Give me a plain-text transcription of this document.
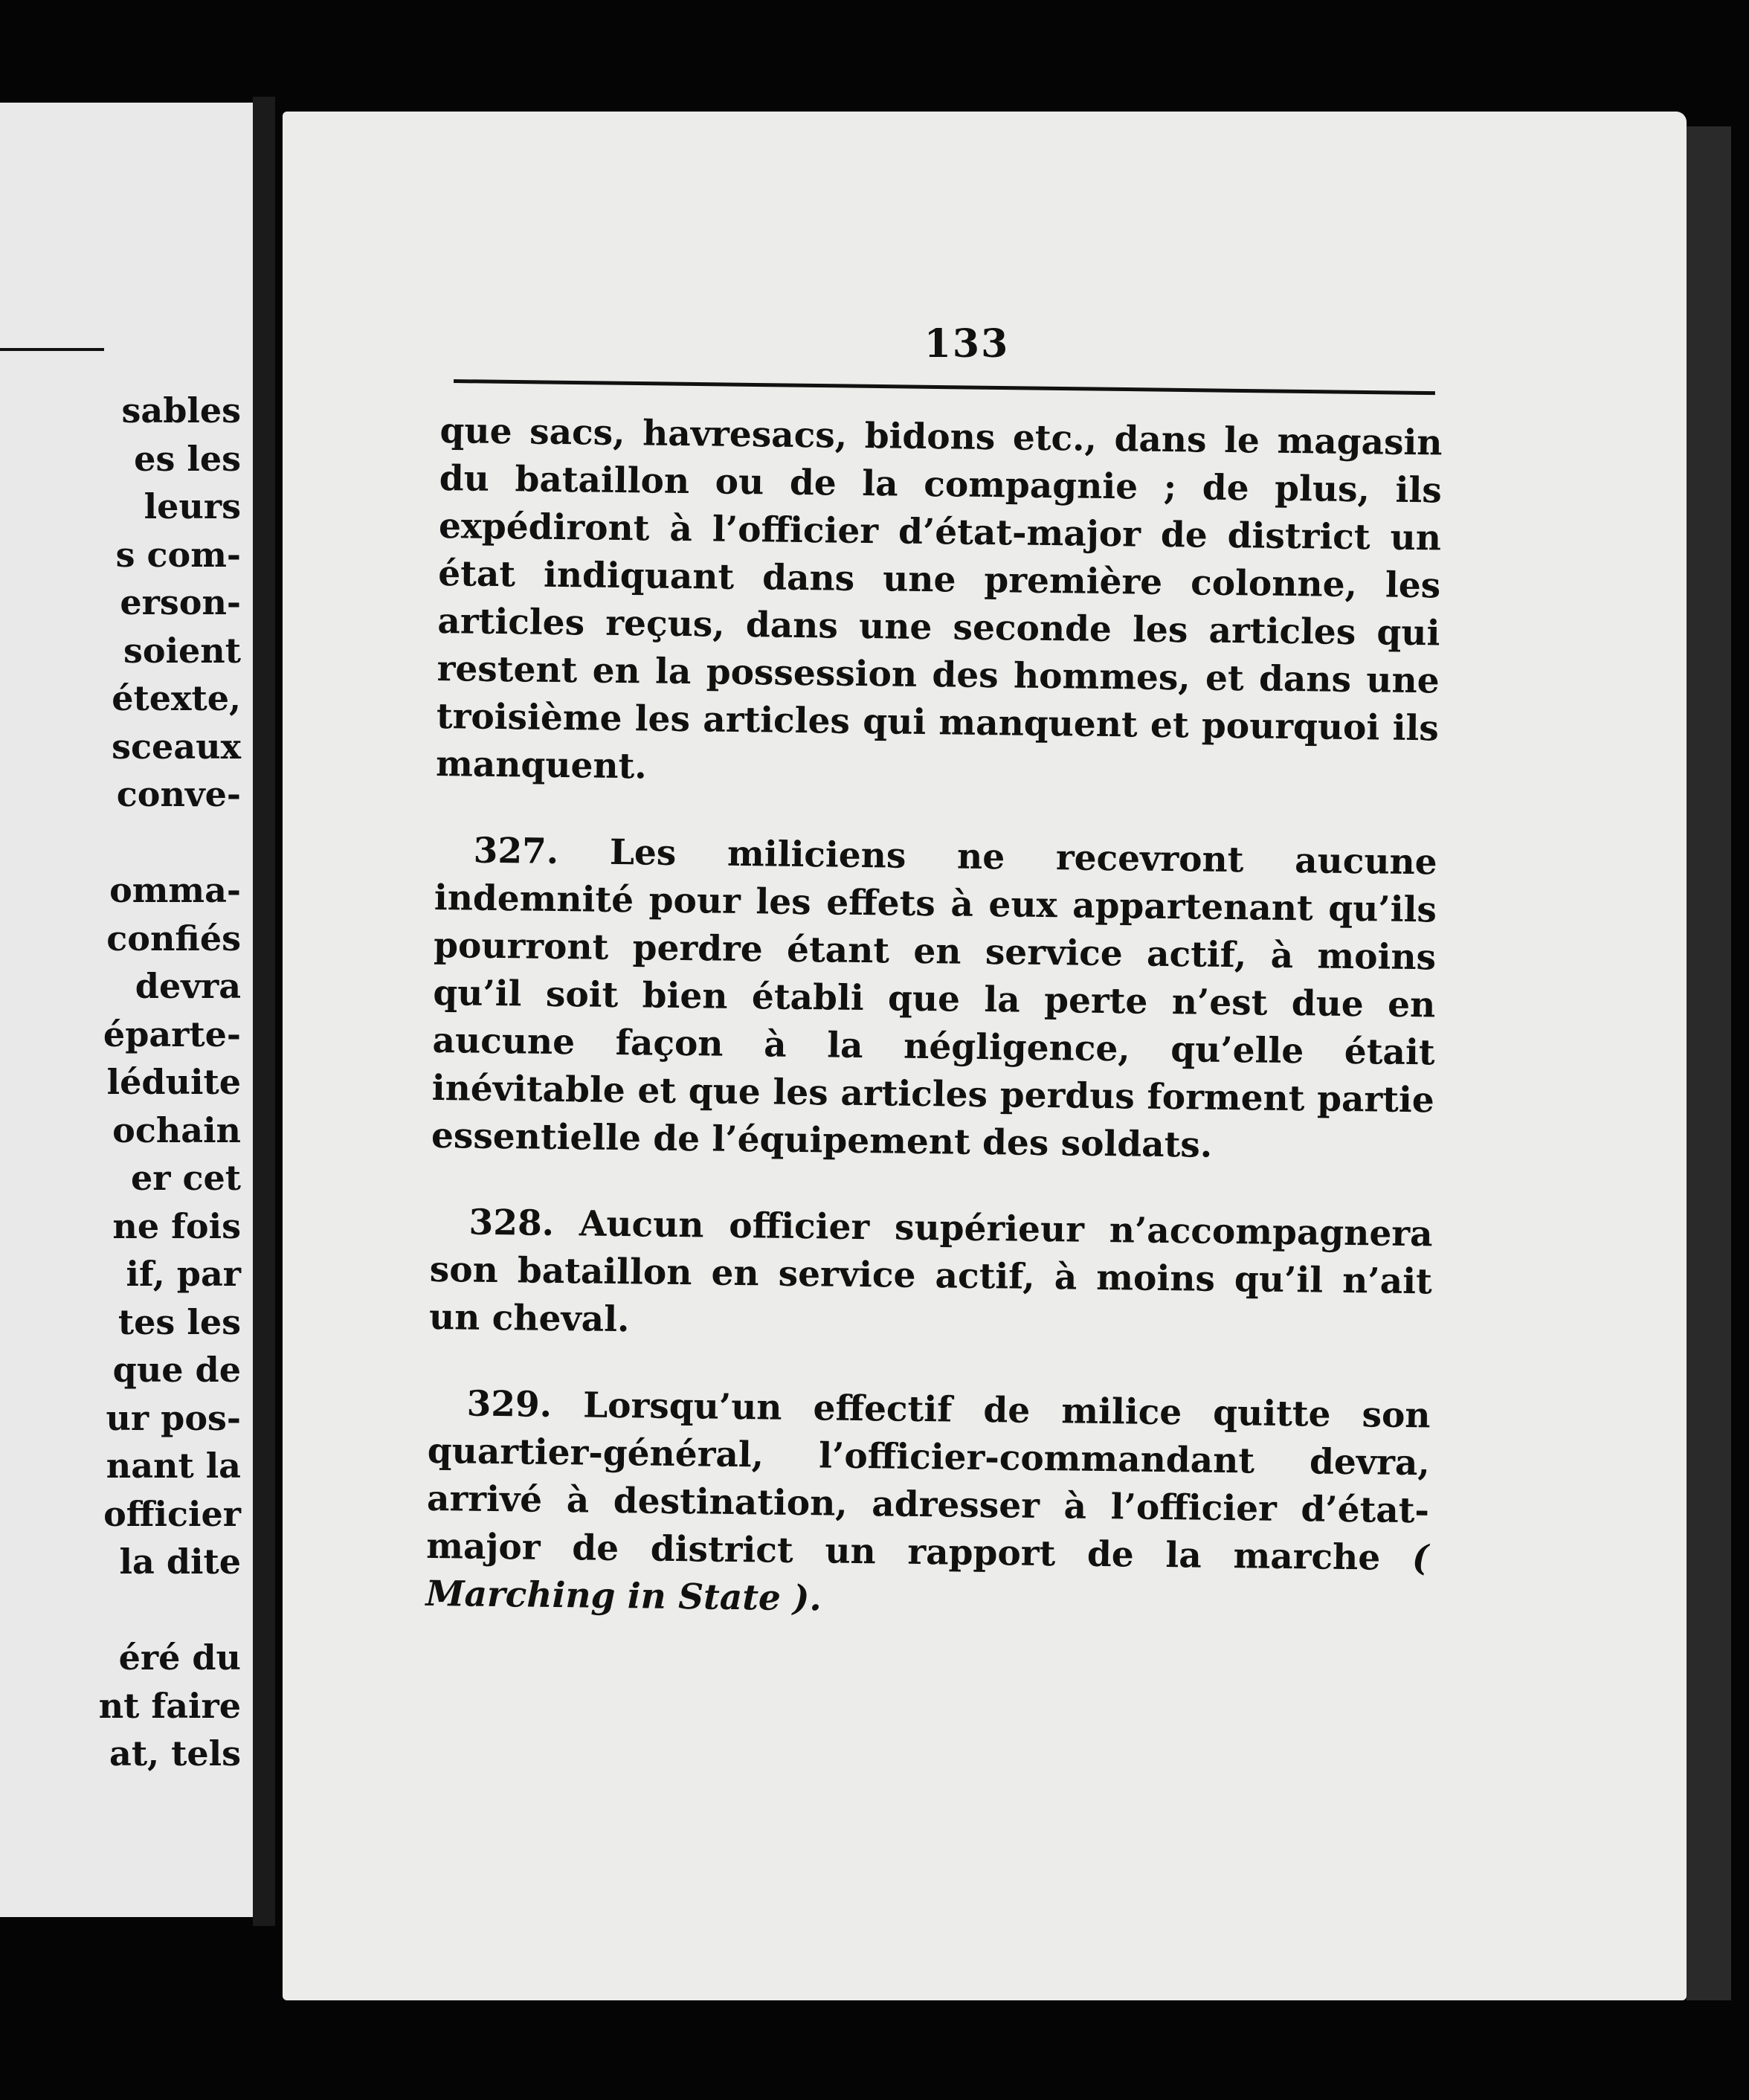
sables
es les
leurs
s com-
erson-
soient
étexte,
sceaux
conve-
omma-
confiés
devra
éparte-
léduite
ochain
er cet
ne fois
if, par
tes les
que de
ur pos-
nant la
officier
la dite
éré du
nt faire
at, tels
133

que sacs, havresacs, bidons etc., dans le magasin du bataillon ou de la compagnie ; de plus, ils expédiront à l’officier d’état-major de district un état indiquant dans une première colonne, les articles reçus, dans une seconde les articles qui restent en la possession des hommes, et dans une troisième les articles qui manquent et pourquoi ils manquent.

327. Les miliciens ne recevront aucune indemnité pour les effets à eux appartenant qu’ils pourront perdre étant en service actif, à moins qu’il soit bien établi que la perte n’est due en aucune façon à la négligence, qu’elle était inévitable et que les articles perdus forment partie essentielle de l’équipement des soldats.

328. Aucun officier supérieur n’accompagnera son bataillon en service actif, à moins qu’il n’ait un cheval.

329. Lorsqu’un effectif de milice quitte son quartier-général, l’officier-commandant devra, arrivé à destination, adresser à l’officier d’état-major de district un rapport de la marche ( Marching in State ).
